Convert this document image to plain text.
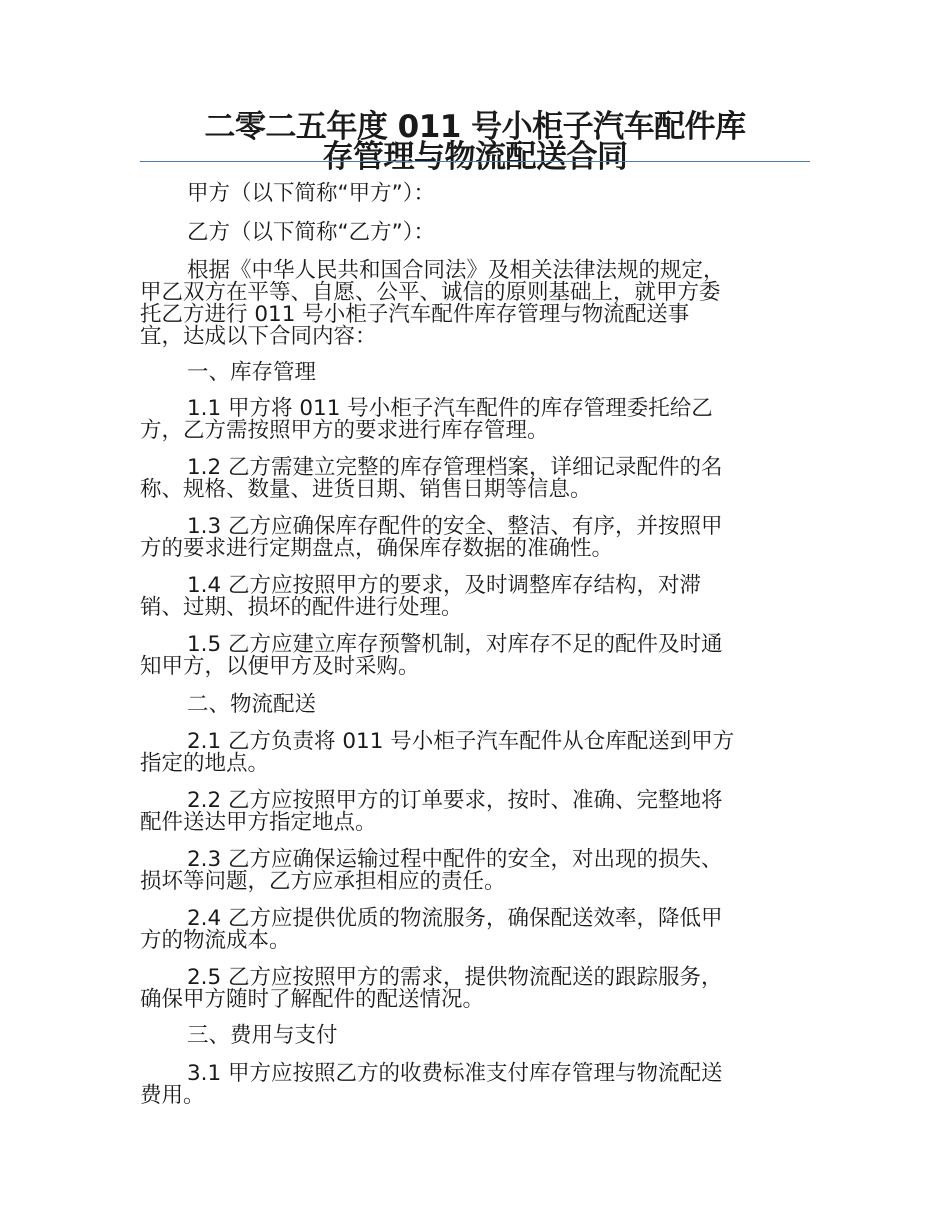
二零二五年度 011 号小柜子汽车配件库
存管理与物流配送合同
甲方（以下简称“甲方”）：
乙方（以下简称“乙方”）：
根据《中华人民共和国合同法》及相关法律法规的规定，
甲乙双方在平等、自愿、公平、诚信的原则基础上，就甲方委
托乙方进行 011 号小柜子汽车配件库存管理与物流配送事
宜，达成以下合同内容：
一、库存管理
1.1 甲方将 011 号小柜子汽车配件的库存管理委托给乙
方，乙方需按照甲方的要求进行库存管理。
1.2 乙方需建立完整的库存管理档案，详细记录配件的名
称、规格、数量、进货日期、销售日期等信息。
1.3 乙方应确保库存配件的安全、整洁、有序，并按照甲
方的要求进行定期盘点，确保库存数据的准确性。
1.4 乙方应按照甲方的要求，及时调整库存结构，对滞
销、过期、损坏的配件进行处理。
1.5 乙方应建立库存预警机制，对库存不足的配件及时通
知甲方，以便甲方及时采购。
二、物流配送
2.1 乙方负责将 011 号小柜子汽车配件从仓库配送到甲方
指定的地点。
2.2 乙方应按照甲方的订单要求，按时、准确、完整地将
配件送达甲方指定地点。
2.3 乙方应确保运输过程中配件的安全，对出现的损失、
损坏等问题，乙方应承担相应的责任。
2.4 乙方应提供优质的物流服务，确保配送效率，降低甲
方的物流成本。
2.5 乙方应按照甲方的需求，提供物流配送的跟踪服务，
确保甲方随时了解配件的配送情况。
三、费用与支付
3.1 甲方应按照乙方的收费标准支付库存管理与物流配送
费用。
